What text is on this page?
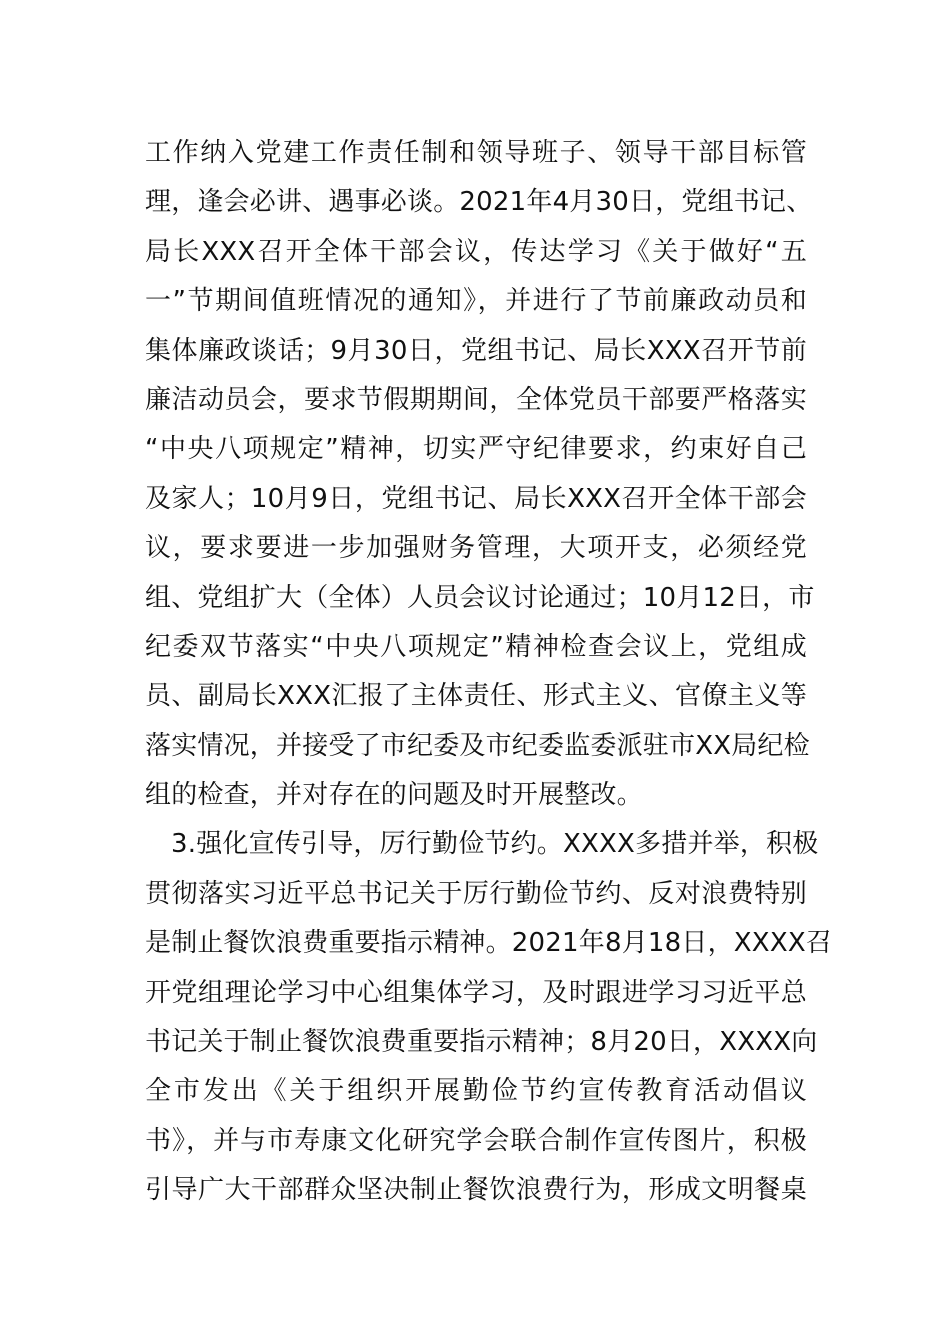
工作纳入党建工作责任制和领导班子、领导干部目标管
理，逢会必讲、遇事必谈。2021年4月30日，党组书记、
局长XXX召开全体干部会议，传达学习《关于做好“五
一”节期间值班情况的通知》，并进行了节前廉政动员和
集体廉政谈话；9月30日，党组书记、局长XXX召开节前
廉洁动员会，要求节假期期间，全体党员干部要严格落实
“中央八项规定”精神，切实严守纪律要求，约束好自己
及家人；10月9日，党组书记、局长XXX召开全体干部会
议，要求要进一步加强财务管理，大项开支，必须经党
组、党组扩大（全体）人员会议讨论通过；10月12日，市
纪委双节落实“中央八项规定”精神检查会议上，党组成
员、副局长XXX汇报了主体责任、形式主义、官僚主义等
落实情况，并接受了市纪委及市纪委监委派驻市XX局纪检
组的检查，并对存在的问题及时开展整改。
3.强化宣传引导，厉行勤俭节约。XXXX多措并举，积极
贯彻落实习近平总书记关于厉行勤俭节约、反对浪费特别
是制止餐饮浪费重要指示精神。2021年8月18日，XXXX召
开党组理论学习中心组集体学习，及时跟进学习习近平总
书记关于制止餐饮浪费重要指示精神；8月20日，XXXX向
全市发出《关于组织开展勤俭节约宣传教育活动倡议
书》，并与市寿康文化研究学会联合制作宣传图片，积极
引导广大干部群众坚决制止餐饮浪费行为，形成文明餐桌
